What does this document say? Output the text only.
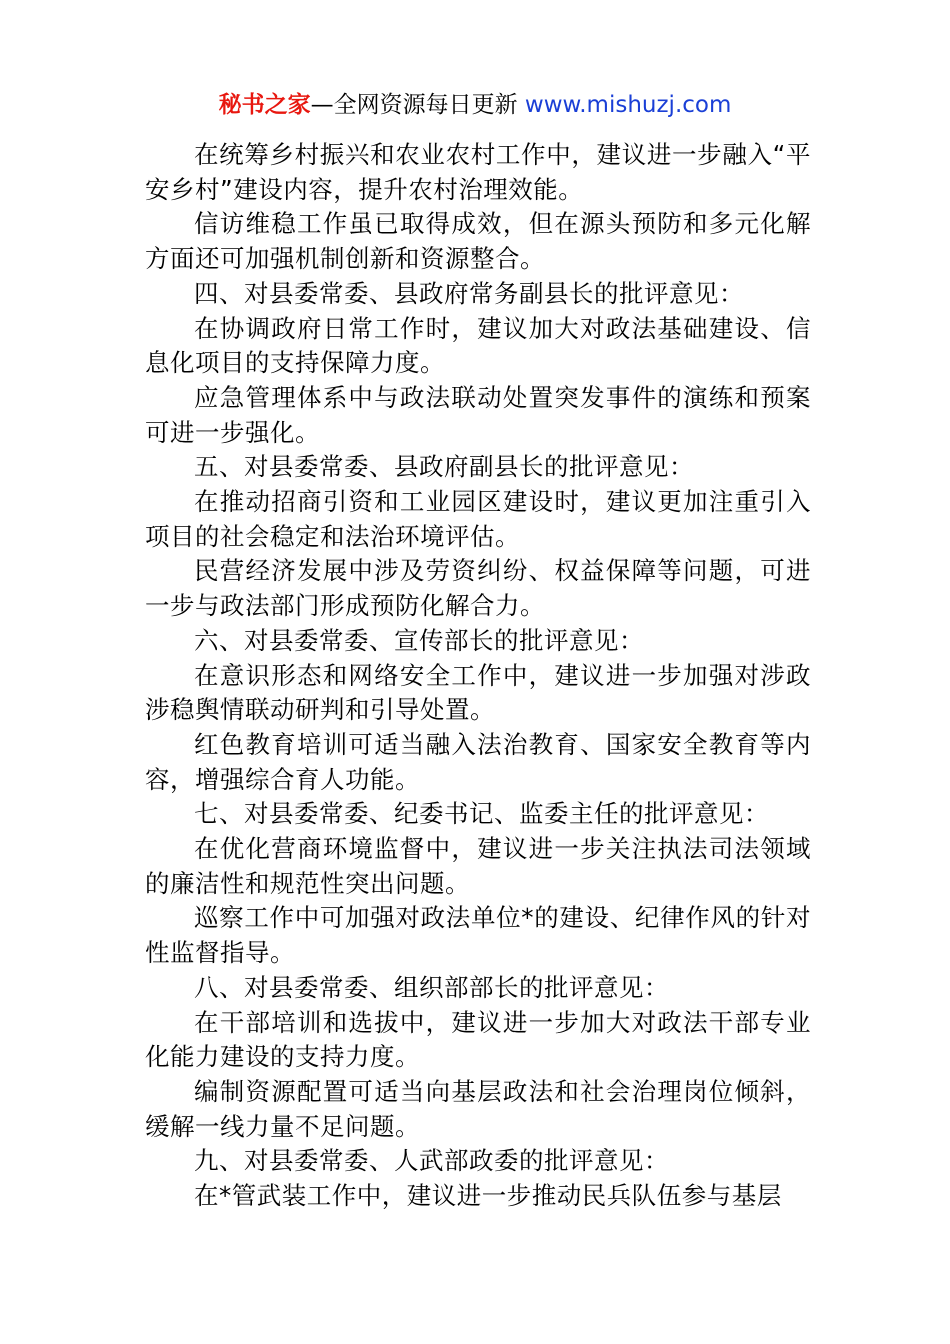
秘书之家—全网资源每日更新 www.mishuzj.com

在统筹乡村振兴和农业农村工作中，建议进一步融入“平安乡村”建设内容，提升农村治理效能。

信访维稳工作虽已取得成效，但在源头预防和多元化解方面还可加强机制创新和资源整合。

四、对县委常委、县政府常务副县长的批评意见：

在协调政府日常工作时，建议加大对政法基础建设、信息化项目的支持保障力度。

应急管理体系中与政法联动处置突发事件的演练和预案可进一步强化。

五、对县委常委、县政府副县长的批评意见：

在推动招商引资和工业园区建设时，建议更加注重引入项目的社会稳定和法治环境评估。

民营经济发展中涉及劳资纠纷、权益保障等问题，可进一步与政法部门形成预防化解合力。

六、对县委常委、宣传部长的批评意见：

在意识形态和网络安全工作中，建议进一步加强对涉政涉稳舆情联动研判和引导处置。

红色教育培训可适当融入法治教育、国家安全教育等内容，增强综合育人功能。

七、对县委常委、纪委书记、监委主任的批评意见：

在优化营商环境监督中，建议进一步关注执法司法领域的廉洁性和规范性突出问题。

巡察工作中可加强对政法单位*的建设、纪律作风的针对性监督指导。

八、对县委常委、组织部部长的批评意见：

在干部培训和选拔中，建议进一步加大对政法干部专业化能力建设的支持力度。

编制资源配置可适当向基层政法和社会治理岗位倾斜，缓解一线力量不足问题。

九、对县委常委、人武部政委的批评意见：

在*管武装工作中，建议进一步推动民兵队伍参与基层
